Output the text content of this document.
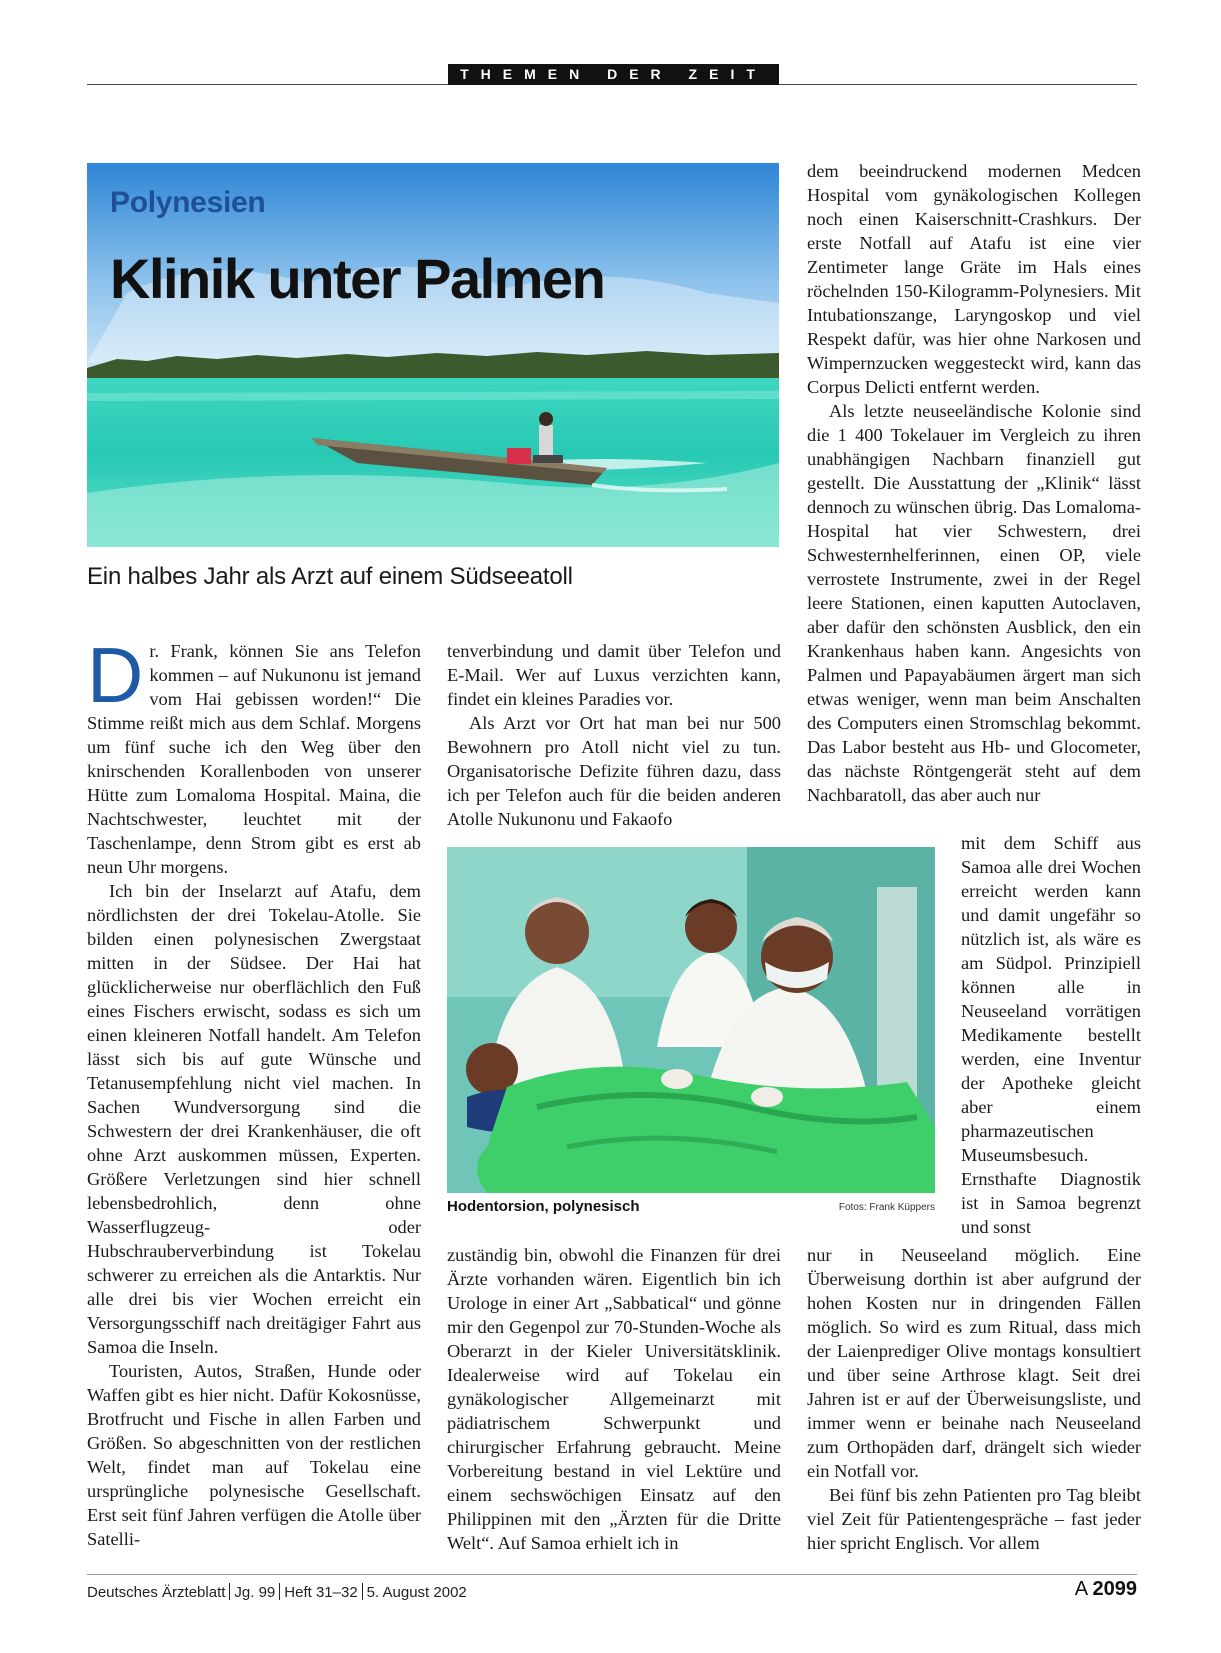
THEMEN DER ZEIT
Polynesien
Klinik unter Palmen
Ein halbes Jahr als Arzt auf einem Südseeatoll

Dr. Frank, können Sie ans Telefon kommen – auf Nukunonu ist jemand vom Hai gebissen worden!“ Die Stimme reißt mich aus dem Schlaf. Morgens um fünf suche ich den Weg über den knirschenden Korallenboden von unserer Hütte zum Lomaloma Hospital. Maina, die Nachtschwester, leuchtet mit der Taschenlampe, denn Strom gibt es erst ab neun Uhr morgens.

Ich bin der Inselarzt auf Atafu, dem nördlichsten der drei Tokelau-Atolle. Sie bilden einen polynesischen Zwergstaat mitten in der Südsee. Der Hai hat glücklicherweise nur oberflächlich den Fuß eines Fischers erwischt, sodass es sich um einen kleineren Notfall handelt. Am Telefon lässt sich bis auf gute Wünsche und Tetanusempfehlung nicht viel machen. In Sachen Wundversorgung sind die Schwestern der drei Krankenhäuser, die oft ohne Arzt auskommen müssen, Experten. Größere Verletzungen sind hier schnell lebensbedrohlich, denn ohne Wasserflugzeug- oder Hubschrauberverbindung ist Tokelau schwerer zu erreichen als die Antarktis. Nur alle drei bis vier Wochen erreicht ein Versorgungsschiff nach dreitägiger Fahrt aus Samoa die Inseln.

Touristen, Autos, Straßen, Hunde oder Waffen gibt es hier nicht. Dafür Kokosnüsse, Brotfrucht und Fische in allen Farben und Größen. So abgeschnitten von der restlichen Welt, findet man auf Tokelau eine ursprüngliche polynesische Gesellschaft. Erst seit fünf Jahren verfügen die Atolle über Satelli-

tenverbindung und damit über Telefon und E-Mail. Wer auf Luxus verzichten kann, findet ein kleines Paradies vor.

Als Arzt vor Ort hat man bei nur 500 Bewohnern pro Atoll nicht viel zu tun. Organisatorische Defizite führen dazu, dass ich per Telefon auch für die beiden anderen Atolle Nukunonu und Fakaofo

Hodentorsion, polynesisch	Fotos: Frank Küppers

zuständig bin, obwohl die Finanzen für drei Ärzte vorhanden wären. Eigentlich bin ich Urologe in einer Art „Sabbatical“ und gönne mir den Gegenpol zur 70-Stunden-Woche als Oberarzt in der Kieler Universitätsklinik. Idealerweise wird auf Tokelau ein gynäkologischer Allgemeinarzt mit pädiatrischem Schwerpunkt und chirurgischer Erfahrung gebraucht. Meine Vorbereitung bestand in viel Lektüre und einem sechswöchigen Einsatz auf den Philippinen mit den „Ärzten für die Dritte Welt“. Auf Samoa erhielt ich in

dem beeindruckend modernen Medcen Hospital vom gynäkologischen Kollegen noch einen Kaiserschnitt-Crashkurs. Der erste Notfall auf Atafu ist eine vier Zentimeter lange Gräte im Hals eines röchelnden 150-Kilogramm-Polynesiers. Mit Intubationszange, Laryngoskop und viel Respekt dafür, was hier ohne Narkosen und Wimpernzucken weggesteckt wird, kann das Corpus Delicti entfernt werden.

Als letzte neuseeländische Kolonie sind die 1 400 Tokelauer im Vergleich zu ihren unabhängigen Nachbarn finanziell gut gestellt. Die Ausstattung der „Klinik“ lässt dennoch zu wünschen übrig. Das Lomaloma-Hospital hat vier Schwestern, drei Schwesternhelferinnen, einen OP, viele verrostete Instrumente, zwei in der Regel leere Stationen, einen kaputten Autoclaven, aber dafür den schönsten Ausblick, den ein Krankenhaus haben kann. Angesichts von Palmen und Papayabäumen ärgert man sich etwas weniger, wenn man beim Anschalten des Computers einen Stromschlag bekommt. Das Labor besteht aus Hb- und Glocometer, das nächste Röntgengerät steht auf dem Nachbaratoll, das aber auch nur

mit dem Schiff aus Samoa alle drei Wochen erreicht werden kann und damit ungefähr so nützlich ist, als wäre es am Südpol. Prinzipiell können alle in Neuseeland vorrätigen Medikamente bestellt werden, eine Inventur der Apotheke gleicht aber einem pharmazeutischen Museumsbesuch. Ernsthafte Diagnostik ist in Samoa begrenzt und sonst

nur in Neuseeland möglich. Eine Überweisung dorthin ist aber aufgrund der hohen Kosten nur in dringenden Fällen möglich. So wird es zum Ritual, dass mich der Laienprediger Olive montags konsultiert und über seine Arthrose klagt. Seit drei Jahren ist er auf der Überweisungsliste, und immer wenn er beinahe nach Neuseeland zum Orthopäden darf, drängelt sich wieder ein Notfall vor.

Bei fünf bis zehn Patienten pro Tag bleibt viel Zeit für Patientengespräche – fast jeder hier spricht Englisch. Vor allem

Deutsches Ärzteblatt Jg. 99 Heft 31–32 5. August 2002	A 2099
